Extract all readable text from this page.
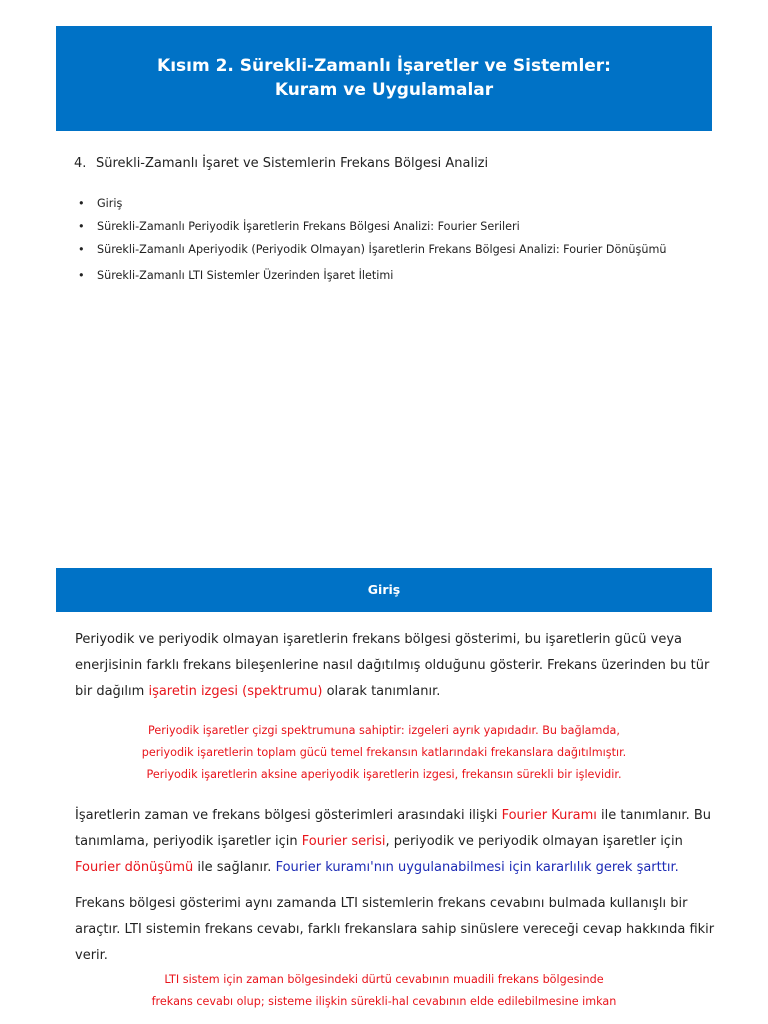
Kısım 2. Sürekli-Zamanlı İşaretler ve Sistemler:
Kuram ve Uygulamalar
4. Sürekli-Zamanlı İşaret ve Sistemlerin Frekans Bölgesi Analizi
• Giriş
• Sürekli-Zamanlı Periyodik İşaretlerin Frekans Bölgesi Analizi: Fourier Serileri
• Sürekli-Zamanlı Aperiyodik (Periyodik Olmayan) İşaretlerin Frekans Bölgesi Analizi: Fourier Dönüşümü
• Sürekli-Zamanlı LTI Sistemler Üzerinden İşaret İletimi
Giriş
Periyodik ve periyodik olmayan işaretlerin frekans bölgesi gösterimi, bu işaretlerin gücü veya enerjisinin farklı frekans bileşenlerine nasıl dağıtılmış olduğunu gösterir. Frekans üzerinden bu tür bir dağılım işaretin izgesi (spektrumu) olarak tanımlanır.
Periyodik işaretler çizgi spektrumuna sahiptir: izgeleri ayrık yapıdadır. Bu bağlamda,
periyodik işaretlerin toplam gücü temel frekansın katlarındaki frekanslara dağıtılmıştır.
Periyodik işaretlerin aksine aperiyodik işaretlerin izgesi, frekansın sürekli bir işlevidir.
İşaretlerin zaman ve frekans bölgesi gösterimleri arasındaki ilişki Fourier Kuramı ile tanımlanır. Bu tanımlama, periyodik işaretler için Fourier serisi, periyodik ve periyodik olmayan işaretler için Fourier dönüşümü ile sağlanır. Fourier kuramı'nın uygulanabilmesi için kararlılık gerek şarttır.
Frekans bölgesi gösterimi aynı zamanda LTI sistemlerin frekans cevabını bulmada kullanışlı bir araçtır. LTI sistemin frekans cevabı, farklı frekanslara sahip sinüslere vereceği cevap hakkında fikir verir.
LTI sistem için zaman bölgesindeki dürtü cevabının muadili frekans bölgesinde
frekans cevabı olup; sisteme ilişkin sürekli-hal cevabının elde edilebilmesine imkan
